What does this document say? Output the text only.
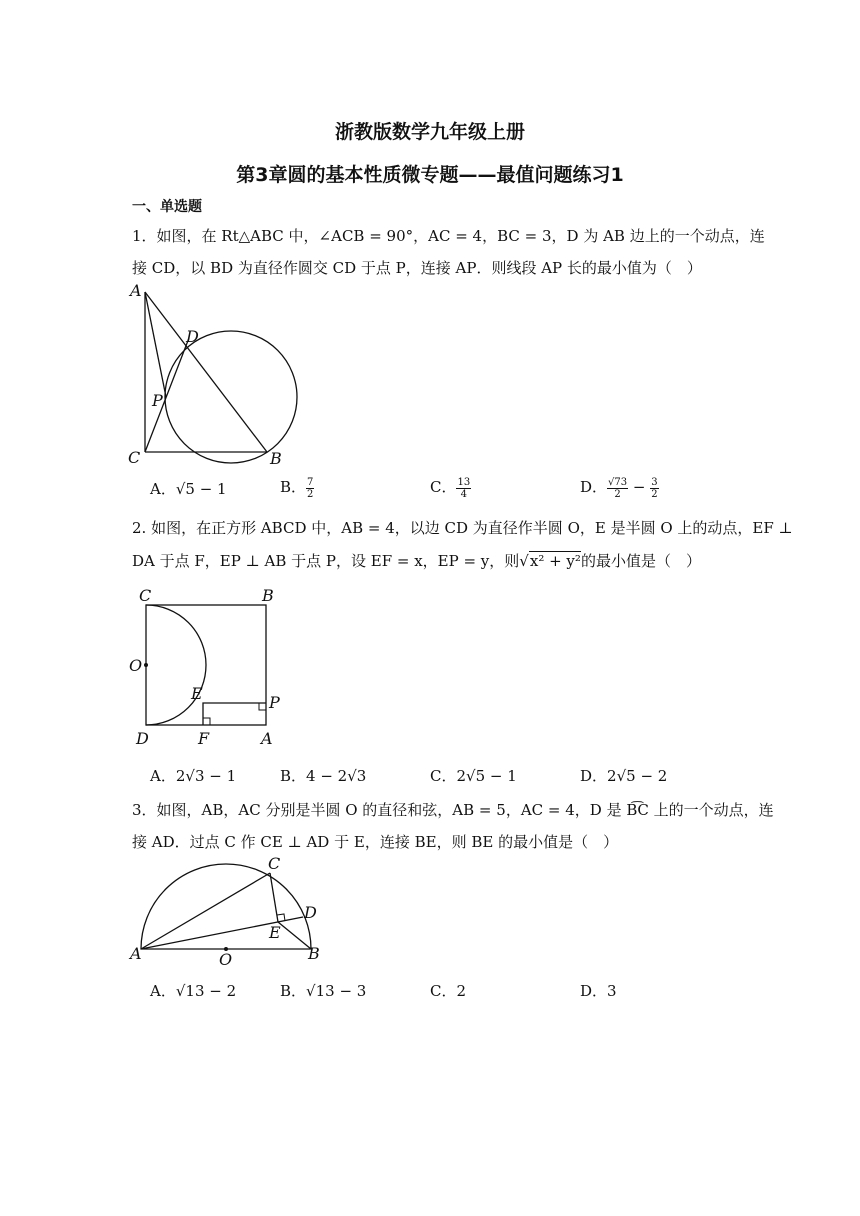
浙教版数学九年级上册
第3章圆的基本性质微专题——最值问题练习1
一、单选题
1．如图，在 Rt△ABC 中，∠ACB = 90°，AC = 4，BC = 3，D 为 AB 边上的一个动点，连
接 CD，以 BD 为直径作圆交 CD 于点 P，连接 AP．则线段 AP 长的最小值为（　）
A
C	B
D
P
A．√5 − 1	B． $\frac{7}{2}$	C． $\frac{13}{4}$	D． $\frac{√73}{2} - \frac{3}{2}$
2. 如图，在正方形 ABCD 中，AB = 4，以边 CD 为直径作半圆 O，E 是半圆 O 上的动点，EF ⊥
DA 于点 F，EP ⊥ AB 于点 P，设 EF = x，EP = y，则√x² + y²的最小值是（　）
C	B
O
E	P
D	F	A
A．2√3 − 1	B．4 − 2√3	C．2√5 − 1	D．2√5 − 2
3．如图，AB，AC 分别是半圆 O 的直径和弦，AB = 5，AC = 4，D 是 B͡C 上的一个动点，连
接 AD．过点 C 作 CE ⊥ AD 于 E，连接 BE，则 BE 的最小值是（　）
C
D
E
A	O	B
A．√13 − 2	B．√13 − 3	C．2	D．3
